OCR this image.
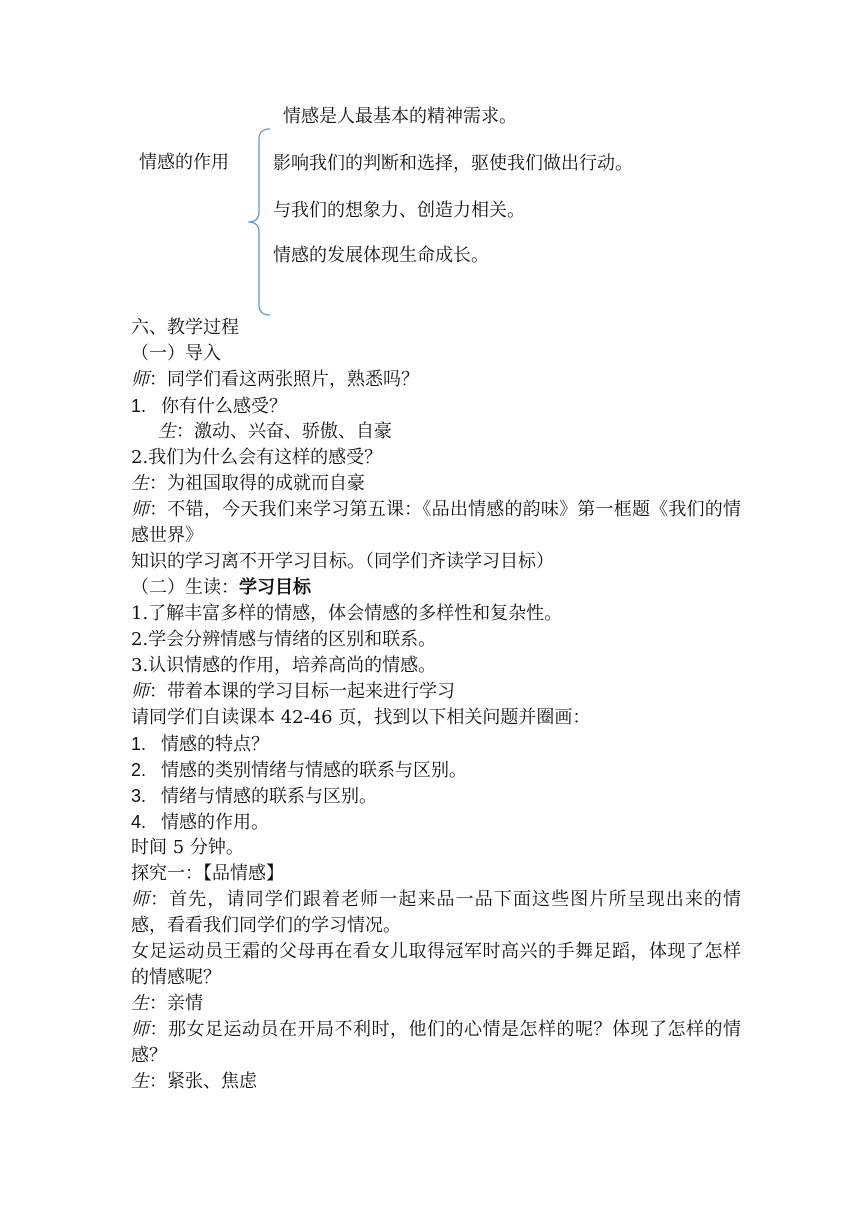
情感的作用
情感是人最基本的精神需求。
影响我们的判断和选择，驱使我们做出行动。
与我们的想象力、创造力相关。
情感的发展体现生命成长。
六、教学过程
（一）导入
师：同学们看这两张照片，熟悉吗？
1. 你有什么感受？
生：激动、兴奋、骄傲、自豪
2.我们为什么会有这样的感受？
生：为祖国取得的成就而自豪
师：不错，今天我们来学习第五课：《品出情感的韵味》第一框题《我们的情感世界》
知识的学习离不开学习目标。（同学们齐读学习目标）
（二）生读：学习目标
1.了解丰富多样的情感，体会情感的多样性和复杂性。
2.学会分辨情感与情绪的区别和联系。
3.认识情感的作用，培养高尚的情感。
师：带着本课的学习目标一起来进行学习
请同学们自读课本 42-46 页，找到以下相关问题并圈画：
1. 情感的特点？
2. 情感的类别情绪与情感的联系与区别。
3. 情绪与情感的联系与区别。
4. 情感的作用。
时间 5 分钟。
探究一：【品情感】
师：首先，请同学们跟着老师一起来品一品下面这些图片所呈现出来的情感，看看我们同学们的学习情况。
女足运动员王霜的父母再在看女儿取得冠军时高兴的手舞足蹈，体现了怎样的情感呢？
生：亲情
师：那女足运动员在开局不利时，他们的心情是怎样的呢？体现了怎样的情感？
生：紧张、焦虑
